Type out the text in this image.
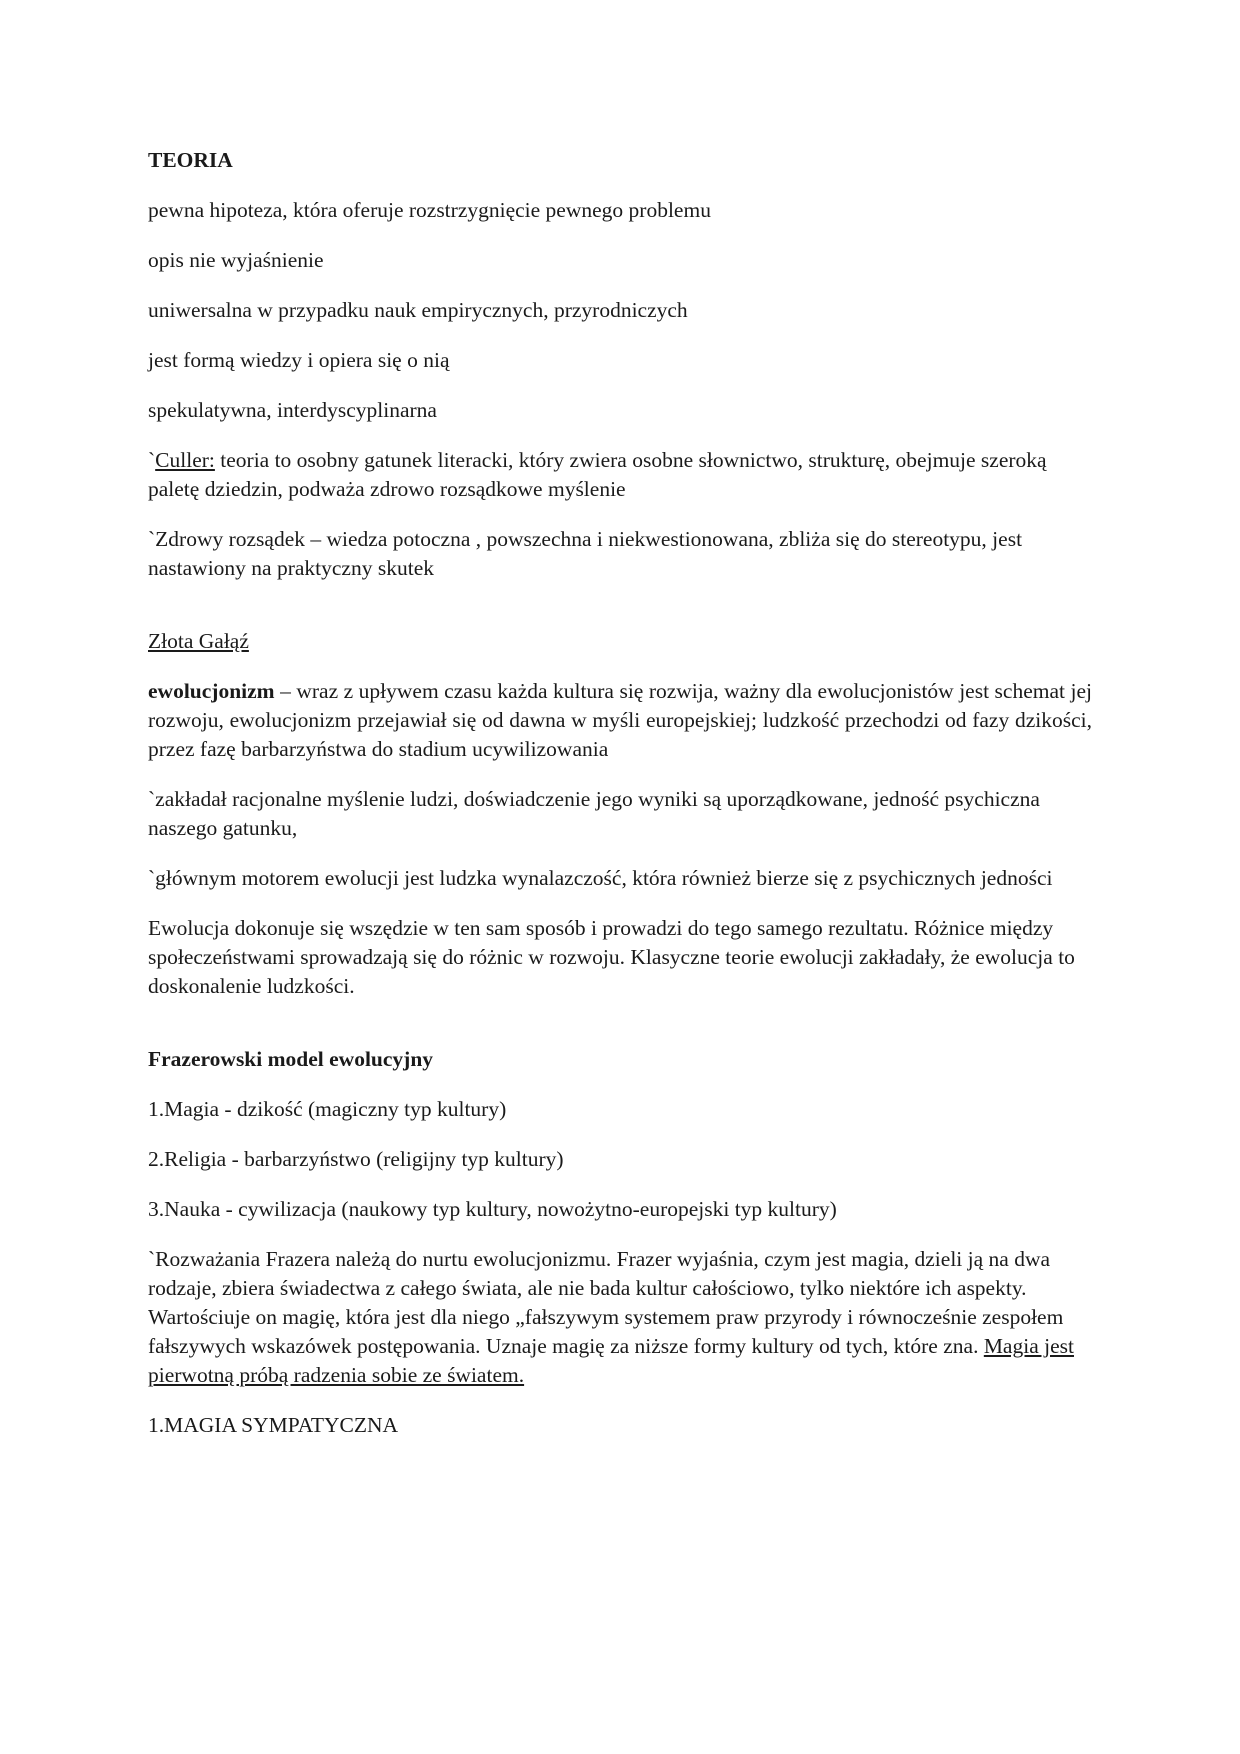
TEORIA

pewna hipoteza, która oferuje rozstrzygnięcie pewnego problemu

opis nie wyjaśnienie

uniwersalna w przypadku nauk empirycznych, przyrodniczych

jest formą wiedzy i opiera się o nią

spekulatywna, interdyscyplinarna

`Culler: teoria to osobny gatunek literacki, który zwiera osobne słownictwo, strukturę, obejmuje szeroką paletę dziedzin, podważa zdrowo rozsądkowe myślenie

`Zdrowy rozsądek – wiedza potoczna , powszechna i niekwestionowana, zbliża się do stereotypu, jest nastawiony na praktyczny skutek

Złota Gałąź

ewolucjonizm – wraz z upływem czasu każda kultura się rozwija, ważny dla ewolucjonistów jest schemat jej rozwoju, ewolucjonizm przejawiał się od dawna w myśli europejskiej; ludzkość przechodzi od fazy dzikości, przez fazę barbarzyństwa do stadium ucywilizowania

`zakładał racjonalne myślenie ludzi, doświadczenie jego wyniki są uporządkowane, jedność psychiczna naszego gatunku,

`głównym motorem ewolucji jest ludzka wynalazczość, która również bierze się z psychicznych jedności

Ewolucja dokonuje się wszędzie w ten sam sposób i prowadzi do tego samego rezultatu. Różnice między społeczeństwami sprowadzają się do różnic w rozwoju. Klasyczne teorie ewolucji zakładały, że ewolucja to doskonalenie ludzkości.

Frazerowski model ewolucyjny

1.Magia - dzikość (magiczny typ kultury)

2.Religia - barbarzyństwo (religijny typ kultury)

3.Nauka - cywilizacja (naukowy typ kultury, nowożytno-europejski typ kultury)

`Rozważania Frazera należą do nurtu ewolucjonizmu. Frazer wyjaśnia, czym jest magia, dzieli ją na dwa rodzaje, zbiera świadectwa z całego świata, ale nie bada kultur całościowo, tylko niektóre ich aspekty. Wartościuje on magię, która jest dla niego „fałszywym systemem praw przyrody i równocześnie zespołem fałszywych wskazówek postępowania. Uznaje magię za niższe formy kultury od tych, które zna. Magia jest pierwotną próbą radzenia sobie ze światem.

1.MAGIA SYMPATYCZNA
